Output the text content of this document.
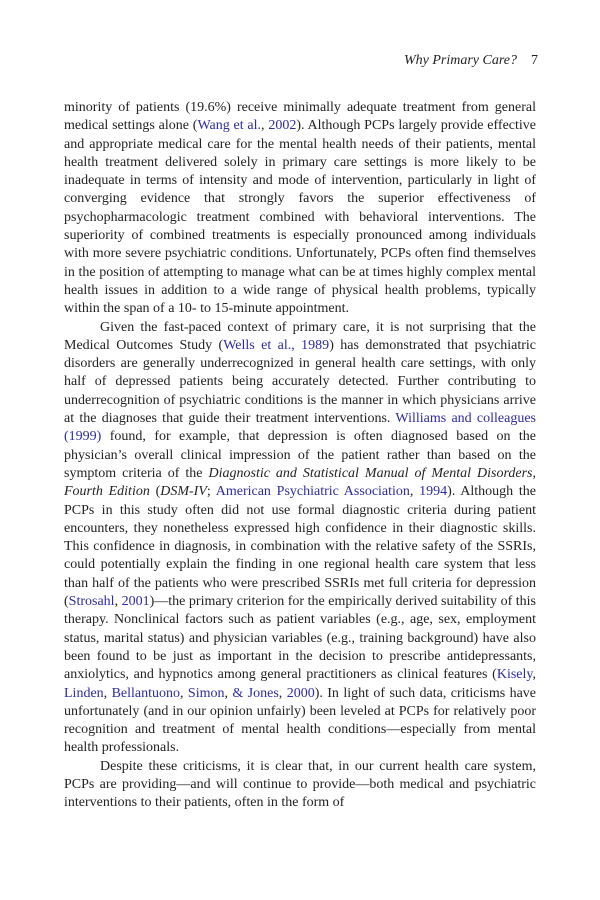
Why Primary Care? 7

minority of patients (19.6%) receive minimally adequate treatment from general medical settings alone (Wang et al., 2002). Although PCPs largely provide effective and appropriate medical care for the mental health needs of their patients, mental health treatment delivered solely in primary care settings is more likely to be inadequate in terms of intensity and mode of intervention, particularly in light of converging evidence that strongly favors the superior effectiveness of psychopharmacologic treatment combined with behavioral interventions. The superiority of combined treatments is especially pronounced among individuals with more severe psychiatric conditions. Unfortunately, PCPs often find themselves in the position of attempting to manage what can be at times highly complex mental health issues in addition to a wide range of physical health problems, typically within the span of a 10- to 15-minute appointment.

Given the fast-paced context of primary care, it is not surprising that the Medical Outcomes Study (Wells et al., 1989) has demonstrated that psychiatric disorders are generally underrecognized in general health care settings, with only half of depressed patients being accurately detected. Further contributing to underrecognition of psychiatric conditions is the manner in which physicians arrive at the diagnoses that guide their treatment interventions. Williams and colleagues (1999) found, for example, that depression is often diagnosed based on the physician’s overall clinical impression of the patient rather than based on the symptom criteria of the Diagnostic and Statistical Manual of Mental Disorders, Fourth Edition (DSM-IV; American Psychiatric Association, 1994). Although the PCPs in this study often did not use formal diagnostic criteria during patient encounters, they nonetheless expressed high confidence in their diagnostic skills. This confidence in diagnosis, in combination with the relative safety of the SSRIs, could potentially explain the finding in one regional health care system that less than half of the patients who were prescribed SSRIs met full criteria for depression (Strosahl, 2001)—the primary criterion for the empirically derived suitability of this therapy. Nonclinical factors such as patient variables (e.g., age, sex, employment status, marital status) and physician variables (e.g., training background) have also been found to be just as important in the decision to prescribe antidepressants, anxiolytics, and hypnotics among general practitioners as clinical features (Kisely, Linden, Bellantuono, Simon, & Jones, 2000). In light of such data, criticisms have unfortunately (and in our opinion unfairly) been leveled at PCPs for relatively poor recognition and treatment of mental health conditions—especially from mental health professionals.

Despite these criticisms, it is clear that, in our current health care system, PCPs are providing—and will continue to provide—both medical and psychiatric interventions to their patients, often in the form of
